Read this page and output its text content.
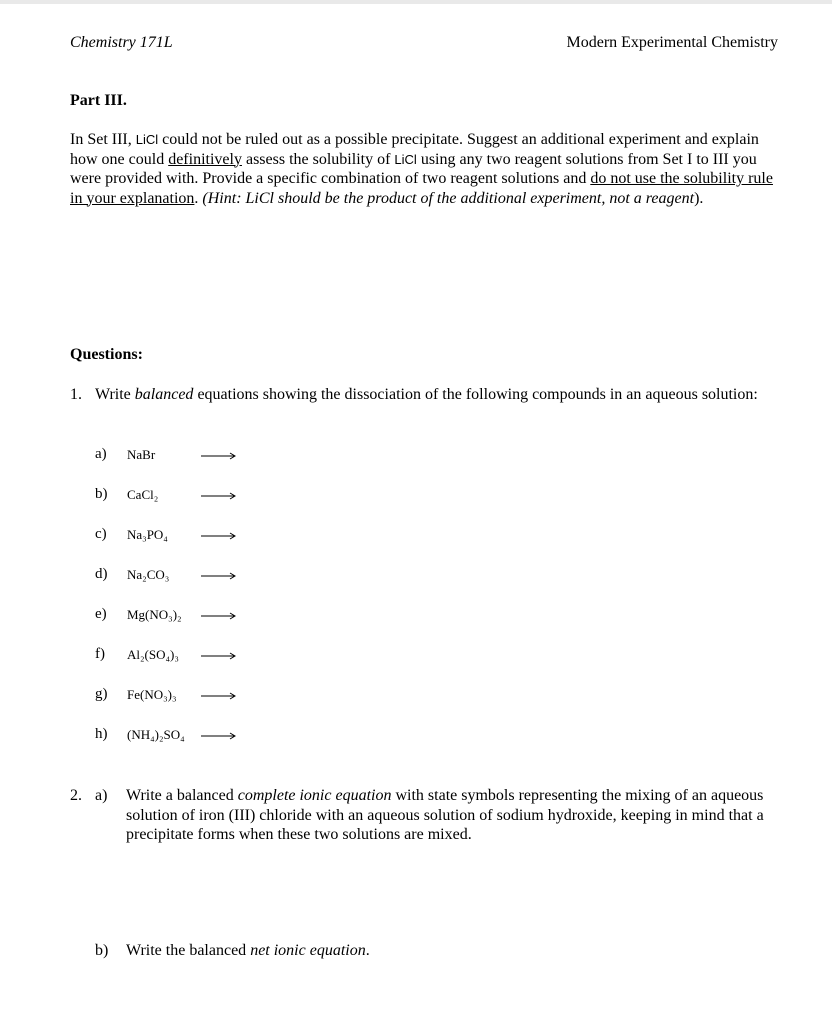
Chemistry 171L	Modern Experimental Chemistry
Part III.
In Set III, LiCl could not be ruled out as a possible precipitate. Suggest an additional experiment and explain how one could definitively assess the solubility of LiCl using any two reagent solutions from Set I to III you were provided with. Provide a specific combination of two reagent solutions and do not use the solubility rule in your explanation. (Hint: LiCl should be the product of the additional experiment, not a reagent).
Questions:
1. Write balanced equations showing the dissociation of the following compounds in an aqueous solution:
a) NaBr
b) CaCl₂
c) Na₃PO₄
d) Na₂CO₃
e) Mg(NO₃)₂ →
f) Al₂(SO₄)₃
g) Fe(NO₃)₃
h) (NH₄)₂SO₄ →
2. a) Write a balanced complete ionic equation with state symbols representing the mixing of an aqueous solution of iron (III) chloride with an aqueous solution of sodium hydroxide, keeping in mind that a precipitate forms when these two solutions are mixed.
b) Write the balanced net ionic equation.
